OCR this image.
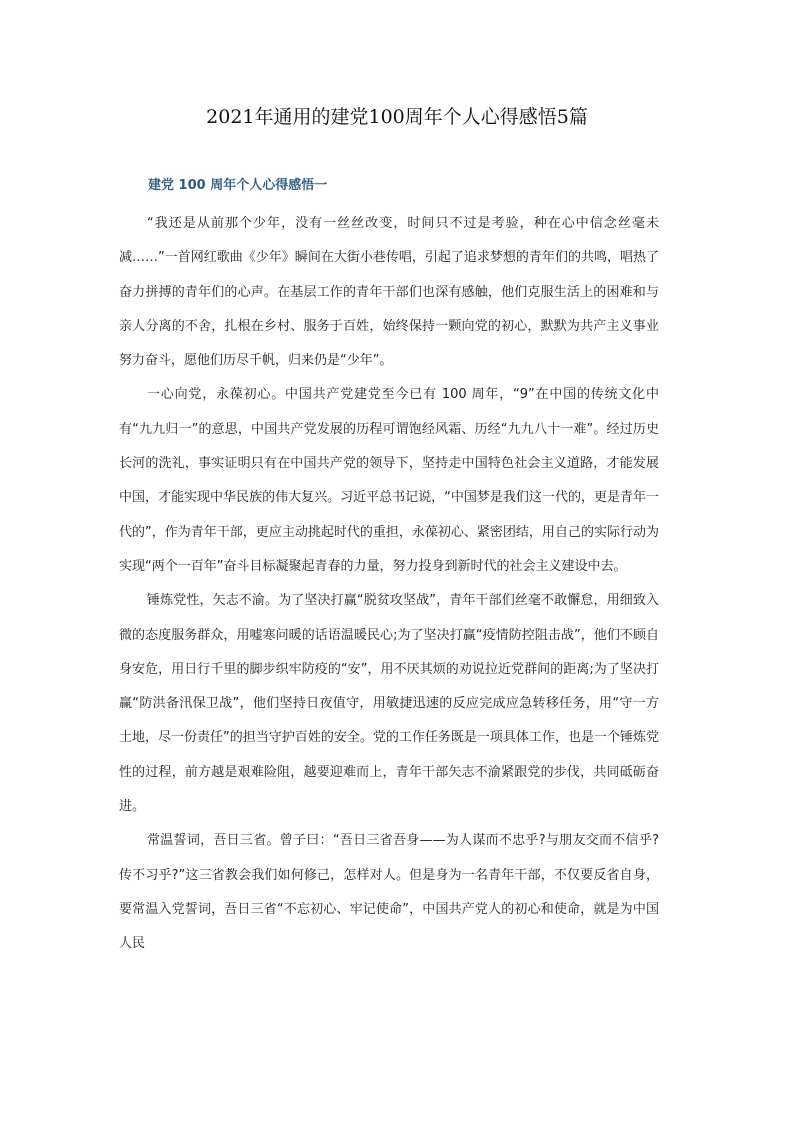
2021年通用的建党100周年个人心得感悟5篇
建党 100 周年个人心得感悟一

“我还是从前那个少年，没有一丝丝改变，时间只不过是考验，种在心中信念丝毫未减……”一首网红歌曲《少年》瞬间在大街小巷传唱，引起了追求梦想的青年们的共鸣，唱热了奋力拼搏的青年们的心声。在基层工作的青年干部们也深有感触，他们克服生活上的困难和与亲人分离的不舍，扎根在乡村、服务于百姓，始终保持一颗向党的初心，默默为共产主义事业努力奋斗，愿他们历尽千帆，归来仍是“少年”。

一心向党，永葆初心。中国共产党建党至今已有 100 周年，“9”在中国的传统文化中有“九九归一”的意思，中国共产党发展的历程可谓饱经风霜、历经“九九八十一难”。经过历史长河的洗礼，事实证明只有在中国共产党的领导下，坚持走中国特色社会主义道路，才能发展中国，才能实现中华民族的伟大复兴。习近平总书记说，“中国梦是我们这一代的，更是青年一代的”，作为青年干部，更应主动挑起时代的重担，永葆初心、紧密团结，用自己的实际行动为实现“两个一百年”奋斗目标凝聚起青春的力量，努力投身到新时代的社会主义建设中去。

锤炼党性，矢志不渝。为了坚决打赢“脱贫攻坚战”，青年干部们丝毫不敢懈怠，用细致入微的态度服务群众，用嘘寒问暖的话语温暖民心;为了坚决打赢“疫情防控阻击战”，他们不顾自身安危，用日行千里的脚步织牢防疫的“安”，用不厌其烦的劝说拉近党群间的距离;为了坚决打赢“防洪备汛保卫战”，他们坚持日夜值守，用敏捷迅速的反应完成应急转移任务，用“守一方土地，尽一份责任”的担当守护百姓的安全。党的工作任务既是一项具体工作，也是一个锤炼党性的过程，前方越是艰难险阻，越要迎难而上，青年干部矢志不渝紧跟党的步伐，共同砥砺奋进。

常温誓词，吾日三省。曾子曰：“吾日三省吾身——为人谋而不忠乎?与朋友交而不信乎?传不习乎?”这三省教会我们如何修己，怎样对人。但是身为一名青年干部，不仅要反省自身，要常温入党誓词，吾日三省“不忘初心、牢记使命”，中国共产党人的初心和使命，就是为中国人民
